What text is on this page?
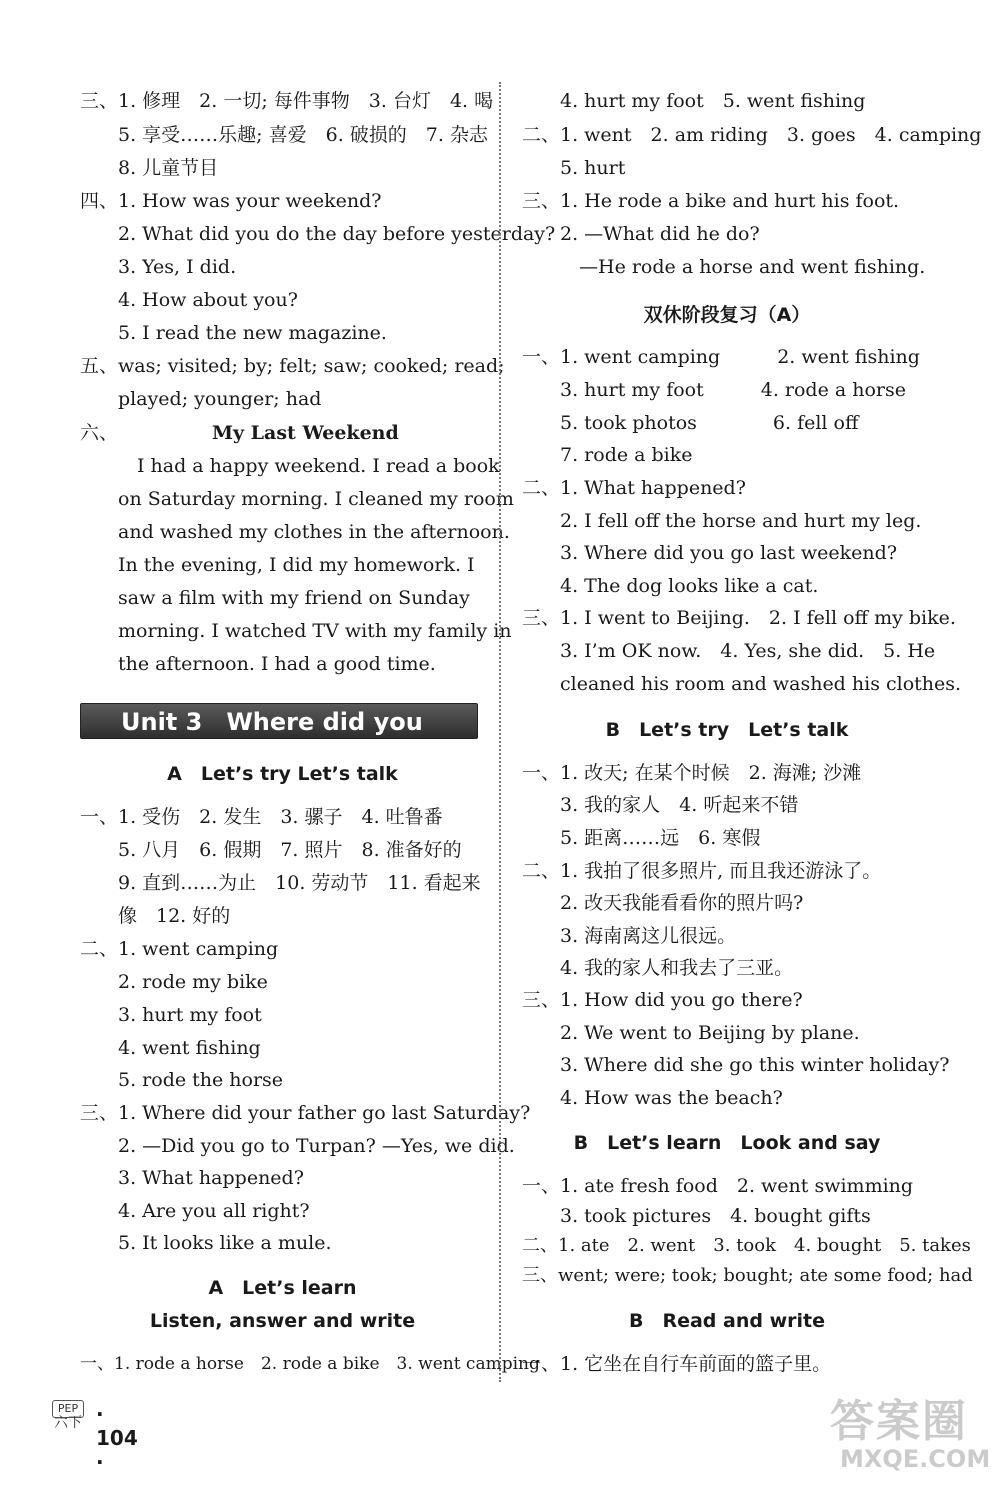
三、1. 修理　2. 一切; 每件事物　3. 台灯　4. 喝
　　5. 享受……乐趣; 喜爱　6. 破损的　7. 杂志
　　8. 儿童节目
四、1. How was your weekend?
　　2. What did you do the day before yesterday?
　　3. Yes, I did.
　　4. How about you?
　　5. I read the new magazine.
五、was; visited; by; felt; saw; cooked; read;
　　played; younger; had
六、	My Last Weekend
　　　I had a happy weekend. I read a book
　　on Saturday morning. I cleaned my room
　　and washed my clothes in the afternoon.
　　In the evening, I did my homework. I
　　saw a film with my friend on Sunday
　　morning. I watched TV with my family in
　　the afternoon. I had a good time.
Unit 3　Where did you go?
A　Let’s try Let’s talk
一、1. 受伤　2. 发生　3. 骡子　4. 吐鲁番
　　5. 八月　6. 假期　7. 照片　8. 准备好的
　　9. 直到……为止　10. 劳动节　11. 看起来
　　像　12. 好的
二、1. went camping
　　2. rode my bike
　　3. hurt my foot
　　4. went fishing
　　5. rode the horse
三、1. Where did your father go last Saturday?
　　2. —Did you go to Turpan? —Yes, we did.
　　3. What happened?
　　4. Are you all right?
　　5. It looks like a mule.
A　Let’s learn
Listen, answer and write
一、1. rode a horse　2. rode a bike　3. went camping
　　4. hurt my foot　5. went fishing
二、1. went　2. am riding　3. goes　4. camping
　　5. hurt
三、1. He rode a bike and hurt his foot.
　　2. —What did he do?
　　　—He rode a horse and went fishing.
双休阶段复习（A）
一、1. went camping　　　2. went fishing
　　3. hurt my foot　　　4. rode a horse
　　5. took photos　　　　6. fell off
　　7. rode a bike
二、1. What happened?
　　2. I fell off the horse and hurt my leg.
　　3. Where did you go last weekend?
　　4. The dog looks like a cat.
三、1. I went to Beijing.　2. I fell off my bike.
　　3. I’m OK now.　4. Yes, she did.　5. He
　　cleaned his room and washed his clothes.
B　Let’s try　Let’s talk
一、1. 改天; 在某个时候　2. 海滩; 沙滩
　　3. 我的家人　4. 听起来不错
　　5. 距离……远　6. 寒假
二、1. 我拍了很多照片, 而且我还游泳了。
　　2. 改天我能看看你的照片吗?
　　3. 海南离这儿很远。
　　4. 我的家人和我去了三亚。
三、1. How did you go there?
　　2. We went to Beijing by plane.
　　3. Where did she go this winter holiday?
　　4. How was the beach?
B　Let’s learn　Look and say
一、1. ate fresh food　2. went swimming
　　3. took pictures　4. bought gifts
二、1. ate　2. went　3. took　4. bought　5. takes
三、went; were; took; bought; ate some food; had
B　Read and write
一、1. 它坐在自行车前面的篮子里。
PEP
六下 · 104 ·
答案圈
MXQE.COM
